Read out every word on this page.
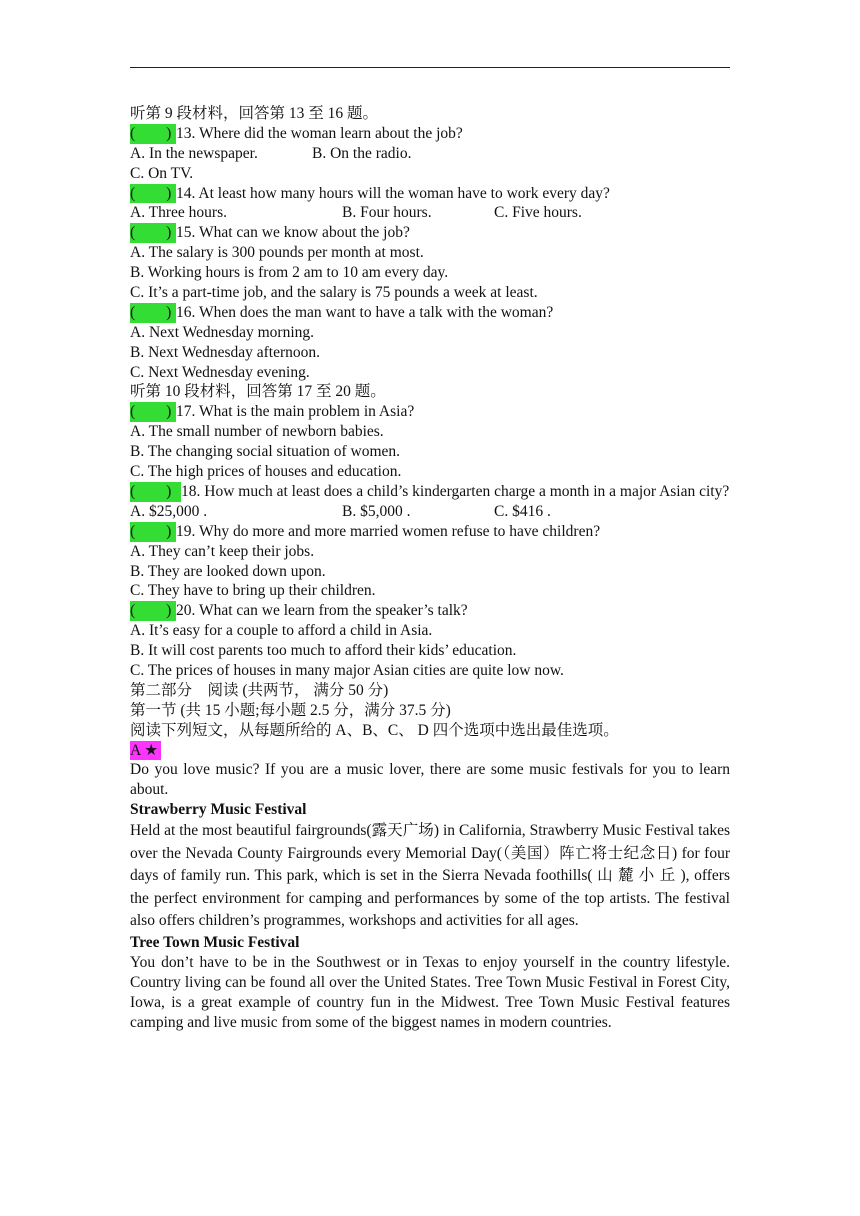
听第 9 段材料，回答第 13 至 16 题。
(　　) 13. Where did the woman learn about the job?
A. In the newspaper.	B. On the radio.
C. On TV.
(　　) 14. At least how many hours will the woman have to work every day?
A. Three hours.	B. Four hours.	C. Five hours.
(　　) 15. What can we know about the job?
A. The salary is 300 pounds per month at most.
B. Working hours is from 2 am to 10 am every day.
C. It’s a part-time job, and the salary is 75 pounds a week at least.
(　　) 16. When does the man want to have a talk with the woman?
A. Next Wednesday morning.
B. Next Wednesday afternoon.
C. Next Wednesday evening.
听第 10 段材料，回答第 17 至 20 题。
(　　) 17. What is the main problem in Asia?
A. The small number of newborn babies.
B. The changing social situation of women.
C. The high prices of houses and education.
(　　) 18. How much at least does a child’s kindergarten charge a month in a major Asian city?
A. $25,000 .	B. $5,000 .	C. $416 .
(　　) 19. Why do more and more married women refuse to have children?
A. They can’t keep their jobs.
B. They are looked down upon.
C. They have to bring up their children.
(　　) 20. What can we learn from the speaker’s talk?
A. It’s easy for a couple to afford a child in Asia.
B. It will cost parents too much to afford their kids’ education.
C. The prices of houses in many major Asian cities are quite low now.
第二部分　阅读 (共两节， 满分 50 分)
第一节 (共 15 小题;每小题 2.5 分，满分 37.5 分)
阅读下列短文，从每题所给的 A、B、C、 D 四个选项中选出最佳选项。
A ★
Do you love music? If you are a music lover, there are some music festivals for you to learn about.
Strawberry Music Festival
Held at the most beautiful fairgrounds(露天广场) in California, Strawberry Music Festival takes over the Nevada County Fairgrounds every Memorial Day(（美国）阵亡将士纪念日) for four days of family run. This park, which is set in the Sierra Nevada foothills( 山 麓 小 丘 ), offers the perfect environment for camping and performances by some of the top artists. The festival also offers children’s programmes, workshops and activities for all ages.
Tree Town Music Festival
You don’t have to be in the Southwest or in Texas to enjoy yourself in the country lifestyle. Country living can be found all over the United States. Tree Town Music Festival in Forest City, Iowa, is a great example of country fun in the Midwest. Tree Town Music Festival features camping and live music from some of the biggest names in modern countries.
